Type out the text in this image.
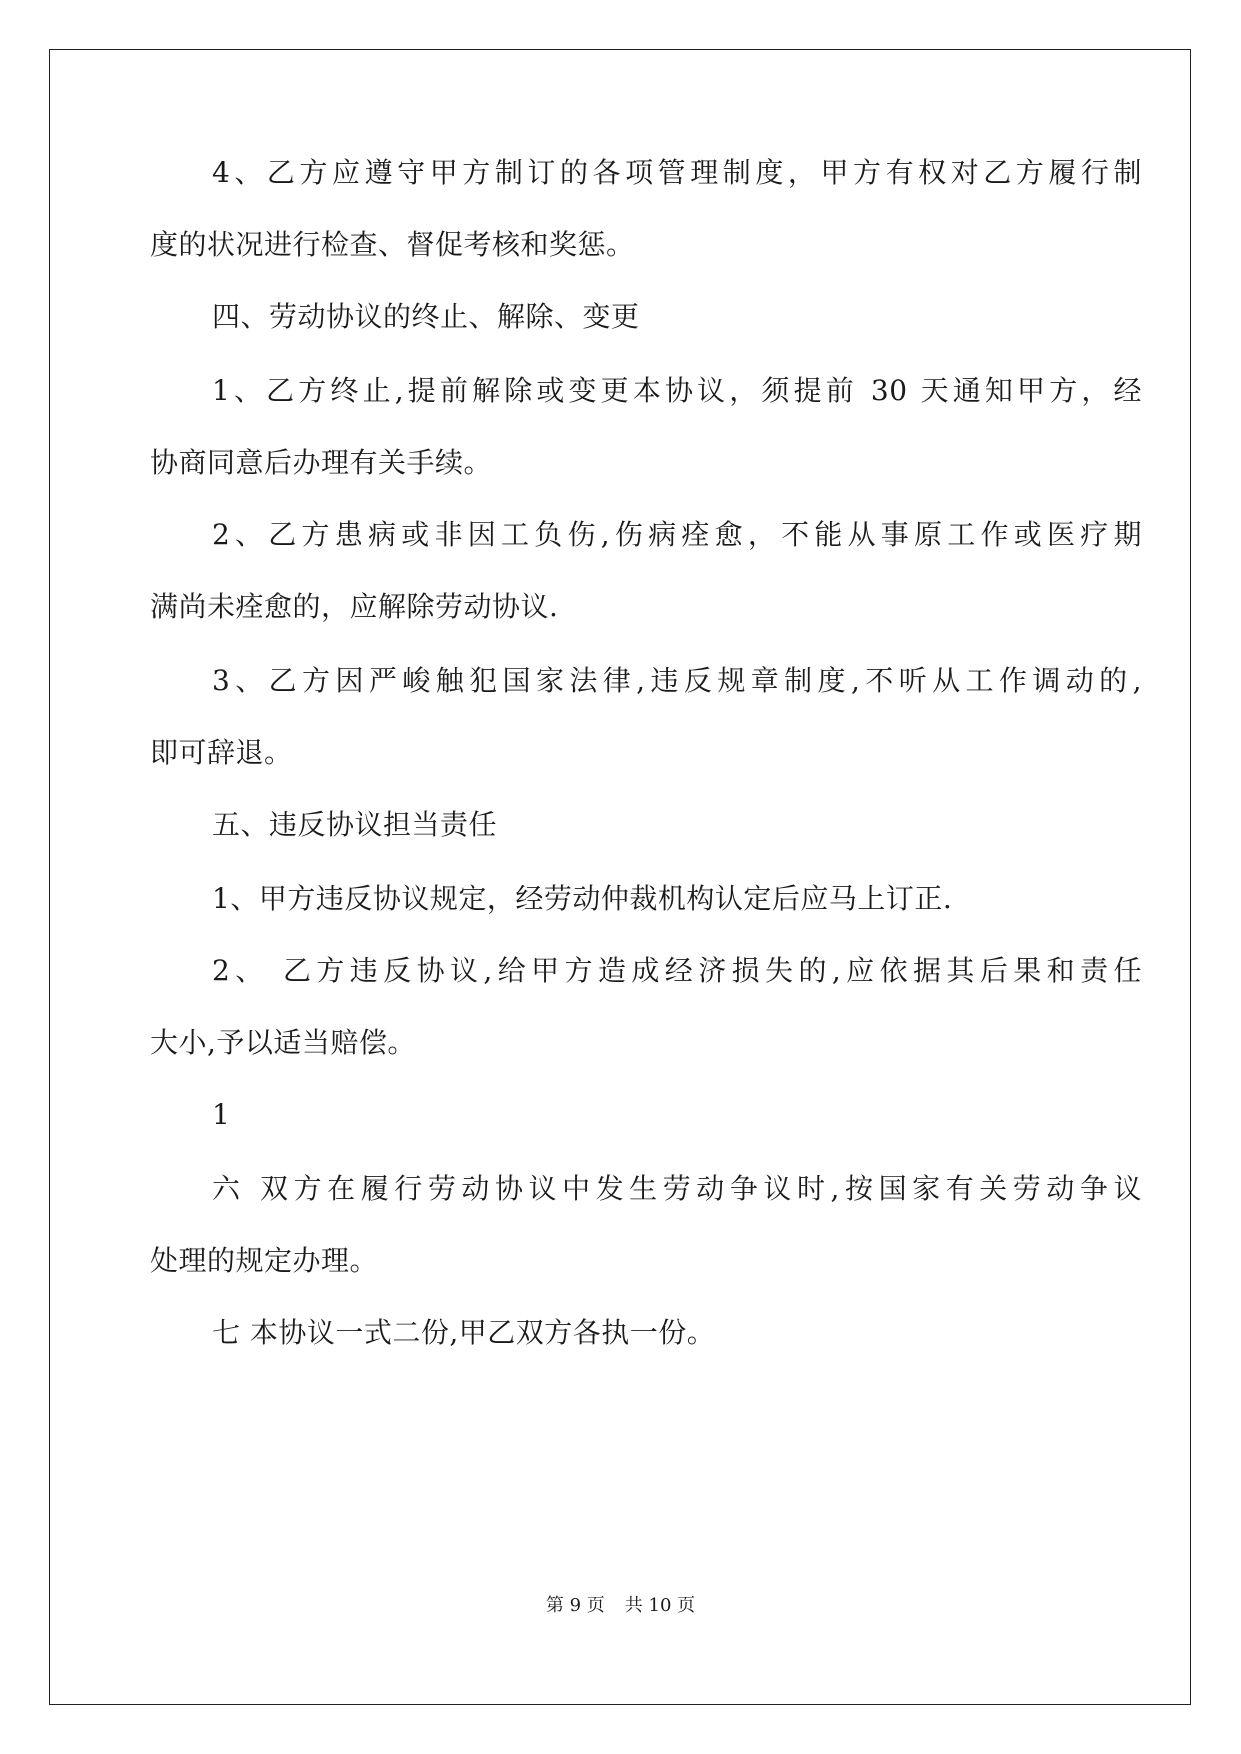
4、乙方应遵守甲方制订的各项管理制度，甲方有权对乙方履行制
度的状况进行检查、督促考核和奖惩。
四、劳动协议的终止、解除、变更
1、乙方终止,提前解除或变更本协议，须提前 30 天通知甲方，经
协商同意后办理有关手续。
2、乙方患病或非因工负伤,伤病痊愈，不能从事原工作或医疗期
满尚未痊愈的，应解除劳动协议.
3、乙方因严峻触犯国家法律,违反规章制度,不听从工作调动的,
即可辞退。
五、违反协议担当责任
1、甲方违反协议规定，经劳动仲裁机构认定后应马上订正.
2、 乙方违反协议,给甲方造成经济损失的,应依据其后果和责任
大小,予以适当赔偿。
1
六 双方在履行劳动协议中发生劳动争议时,按国家有关劳动争议
处理的规定办理。
七 本协议一式二份,甲乙双方各执一份。
第 9 页 共 10 页
